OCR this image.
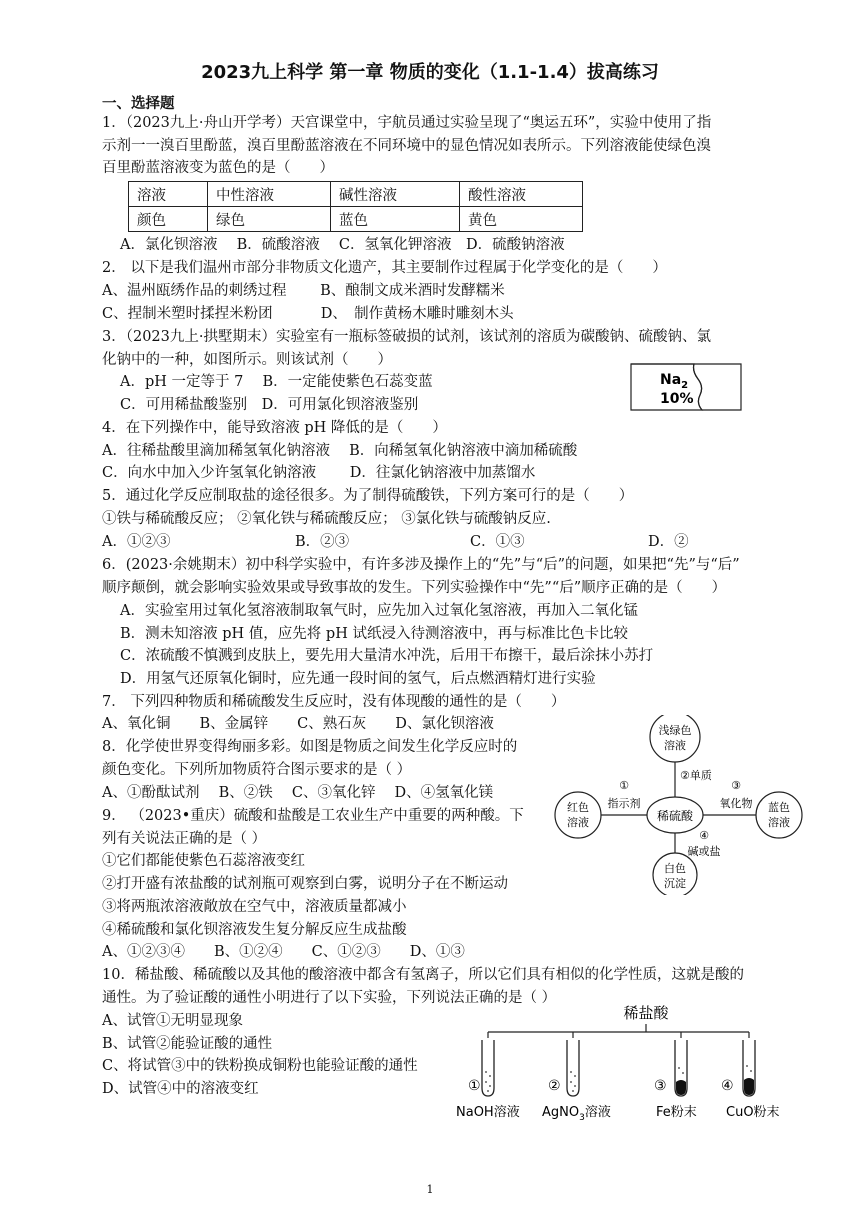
2023九上科学 第一章 物质的变化（1.1-1.4）拔高练习
一、选择题
1．（2023九上·舟山开学考）天宫课堂中，宇航员通过实验呈现了“奥运五环”，实验中使用了指
示剂一一溴百里酚蓝，溴百里酚蓝溶液在不同环境中的显色情况如表所示。下列溶液能使绿色溴
百里酚蓝溶液变为蓝色的是（　　）
溶液	中性溶液	碱性溶液	酸性溶液
颜色	绿色	蓝色	黄色
A．氯化钡溶液　 B．硫酸溶液　 C．氢氧化钾溶液　D．硫酸钠溶液
2． 以下是我们温州市部分非物质文化遗产，其主要制作过程属于化学变化的是（　　）
A、温州瓯绣作品的刺绣过程　　 B、酿制文成米酒时发酵糯米
C、捏制米塑时揉捏米粉团　　　 D、　制作黄杨木雕时雕刻木头
3．（2023九上·拱墅期末）实验室有一瓶标签破损的试剂，该试剂的溶质为碳酸钠、硫酸钠、氯
化钠中的一种，如图所示。则该试剂（　　）
A．pH 一定等于 7　 B．一定能使紫色石蕊变蓝
C．可用稀盐酸鉴别　D．可用氯化钡溶液鉴别
$Na_2$
10%
4．在下列操作中，能导致溶液 pH 降低的是（　　）
A．往稀盐酸里滴加稀氢氧化钠溶液　 B．向稀氢氧化钠溶液中滴加稀硫酸
C．向水中加入少许氢氧化钠溶液　　 D．往氯化钠溶液中加蒸馏水
5．通过化学反应制取盐的途径很多。为了制得硫酸铁，下列方案可行的是（　　）
①铁与稀硫酸反应； ②氧化铁与稀硫酸反应； ③氯化铁与硫酸钠反应.
A．①②③	B．②③	C．①③	D．②
6．(2023·余姚期末）初中科学实验中，有许多涉及操作上的“先”与“后”的问题，如果把“先”与“后”
顺序颠倒，就会影响实验效果或导致事故的发生。下列实验操作中“先”“后”顺序正确的是（　　）
A．实验室用过氧化氢溶液制取氧气时，应先加入过氧化氢溶液，再加入二氧化锰
B．测未知溶液 pH 值，应先将 pH 试纸浸入待测溶液中，再与标准比色卡比较
C．浓硫酸不慎溅到皮肤上，要先用大量清水冲洗，后用干布擦干，最后涂抹小苏打
D．用氢气还原氧化铜时，应先通一段时间的氢气，后点燃酒精灯进行实验
7． 下列四种物质和稀硫酸发生反应时，没有体现酸的通性的是（　　）
A、氧化铜　　B、金属锌　　C、熟石灰　　D、氯化钡溶液
8．化学使世界变得绚丽多彩。如图是物质之间发生化学反应时的
颜色变化。下列所加物质符合图示要求的是（ ）
A、①酚酞试剂　 B、②铁　 C、③氧化锌　 D、④氢氧化镁
稀硫酸
浅绿色
溶液
红色
溶液
蓝色
溶液
白色
沉淀
②单质
①
指示剂
③
氧化物
④
碱或盐
9． （2023•重庆）硫酸和盐酸是工农业生产中重要的两种酸。下
列有关说法正确的是（ ）
①它们都能使紫色石蕊溶液变红
②打开盛有浓盐酸的试剂瓶可观察到白雾，说明分子在不断运动
③将两瓶浓溶液敞放在空气中，溶液质量都减小
④稀硫酸和氯化钡溶液发生复分解反应生成盐酸
A、①②③④　　B、①②④　　C、①②③　　D、①③
10．稀盐酸、稀硫酸以及其他的酸溶液中都含有氢离子，所以它们具有相似的化学性质，这就是酸的
通性。为了验证酸的通性小明进行了以下实验，下列说法正确的是（ ）
A、试管①无明显现象
B、试管②能验证酸的通性
C、将试管③中的铁粉换成铜粉也能验证酸的通性
D、试管④中的溶液变红
稀盐酸
①
NaOH溶液
②
AgNO$_3$溶液
③
Fe粉末
④
CuO粉末
1
